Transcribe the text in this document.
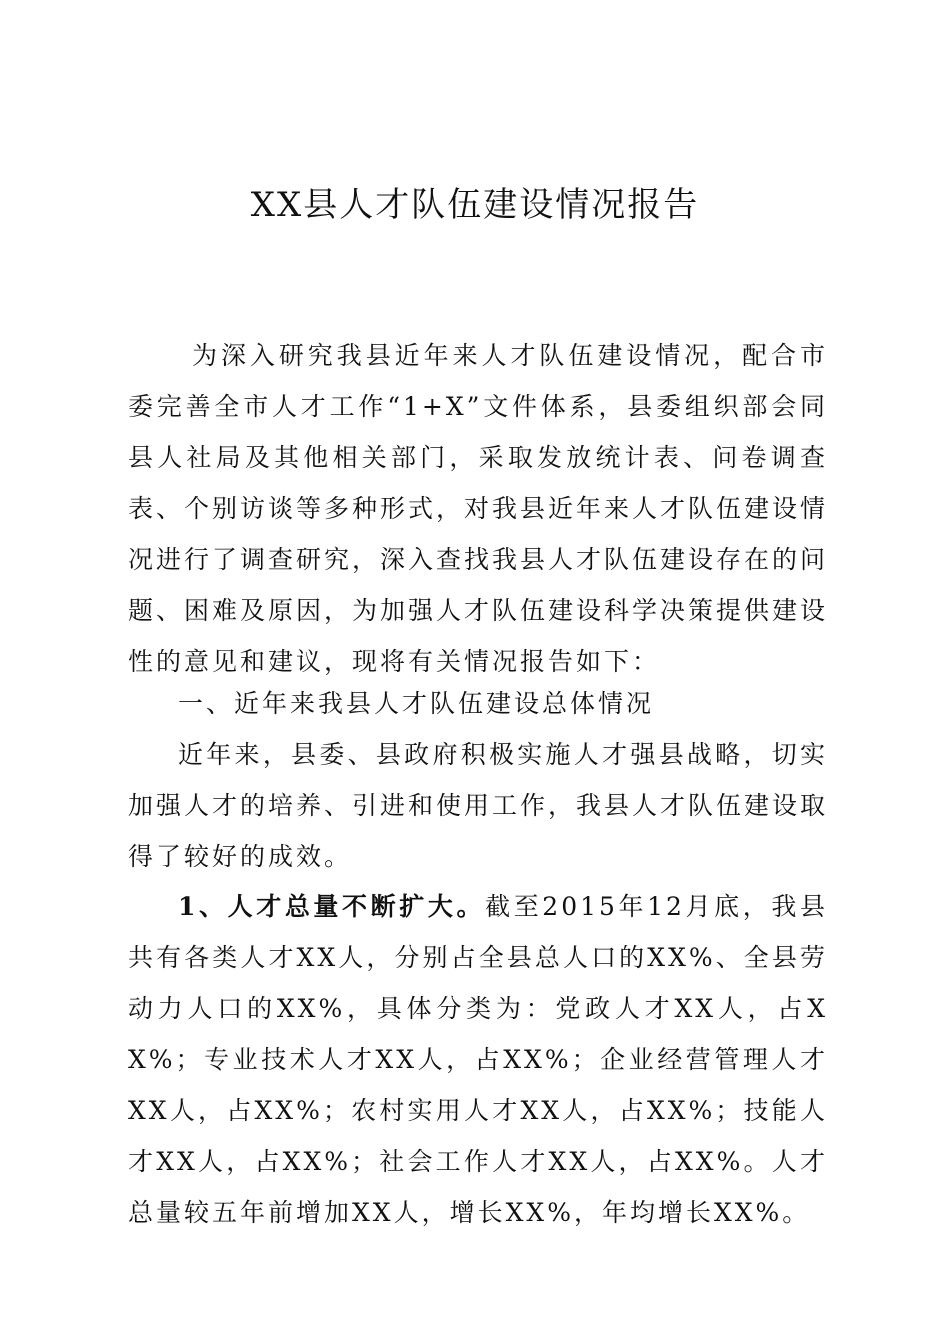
XX县人才队伍建设情况报告

为深入研究我县近年来人才队伍建设情况，配合市委完善全市人才工作“1+X”文件体系，县委组织部会同县人社局及其他相关部门，采取发放统计表、问卷调查表、个别访谈等多种形式，对我县近年来人才队伍建设情况进行了调查研究，深入查找我县人才队伍建设存在的问题、困难及原因，为加强人才队伍建设科学决策提供建设性的意见和建议，现将有关情况报告如下：

一、近年来我县人才队伍建设总体情况

近年来，县委、县政府积极实施人才强县战略，切实加强人才的培养、引进和使用工作，我县人才队伍建设取得了较好的成效。

1、人才总量不断扩大。截至2015年12月底，我县共有各类人才XX人，分别占全县总人口的XX%、全县劳动力人口的XX%，具体分类为：党政人才XX人，占XX%；专业技术人才XX人，占XX%；企业经营管理人才XX人，占XX%；农村实用人才XX人，占XX%；技能人才XX人，占XX%；社会工作人才XX人，占XX%。人才总量较五年前增加XX人，增长XX%，年均增长XX%。
